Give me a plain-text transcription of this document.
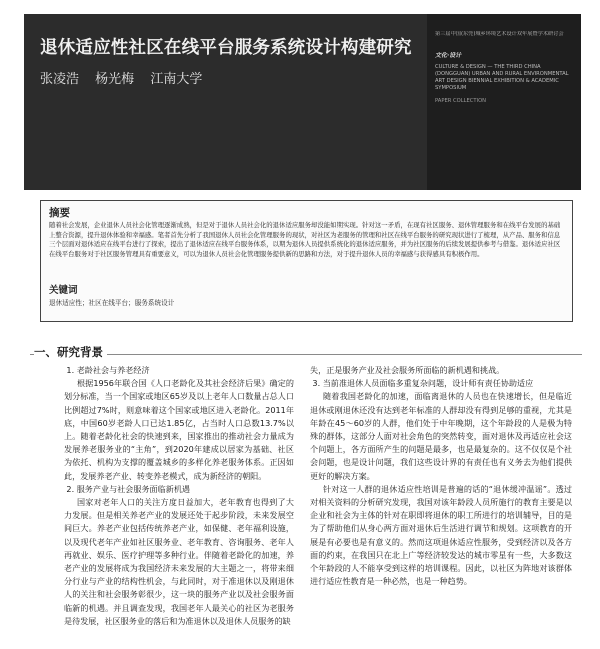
退休适应性社区在线平台服务系统设计构建研究
张凌浩 杨光梅 江南大学
第三届中国(东莞)城乡环境艺术设计双年展暨学术研讨会
文化·设计
CULTURE & DESIGN — THE THIRD CHINA (DONGGUAN) URBAN AND RURAL ENVIRONMENTAL ART DESIGN BIENNIAL EXHIBITION & ACADEMIC SYMPOSIUM
PAPER COLLECTION
摘要
随着社会发展，企业退休人员社会化管理逐渐成熟，但是对于退休人员社会化的退休适应服务却没能如期实现。针对这一矛盾，在现有社区服务、退休管理服务和在线平台发展的基础上整合资源，提升退休体验和幸福感。笔者首先分析了我国退休人员社会化管理服务的现状，对社区为老服务的管理和社区在线平台服务的研究现状进行了梳理，从产品、服务和信息三个层面对退休适应在线平台进行了探索，提出了退休适应在线平台服务体系，以期为退休人员提供系统化的退休适应服务，并为社区服务的后续发展提供参考与借鉴。退休适应社区在线平台服务对于社区服务管理具有重要意义，可以为退休人员社会化管理服务提供新的思路和方法，对于提升退休人员的幸福感与获得感具有积极作用。
关键词
退休适应性；社区在线平台；服务系统设计
一、研究背景

1. 老龄社会与养老经济

根据1956年联合国《人口老龄化及其社会经济后果》确定的划分标准，当一个国家或地区65岁及以上老年人口数量占总人口比例超过7%时，则意味着这个国家或地区进入老龄化。2011年底，中国60岁老龄人口已达1.85亿，占当时人口总数13.7%以上。随着老龄化社会的快速到来，国家推出的推动社会力量成为发展养老服务业的“主角”，到2020年建成以居家为基础、社区为依托、机构为支撑的覆盖城乡的多样化养老服务体系。正因如此，发展养老产业、转变养老模式，成为新经济的朝阳。

2. 服务产业与社会服务面临新机遇

国家对老年人口的关注方度日益加大，老年教育也得到了大力发展。但是相关养老产业的发展还处于起步阶段，未来发展空间巨大。养老产业包括传统养老产业，如保健、老年福利设施，以及现代老年产业如社区服务业、老年教育、咨询服务、老年人再就业、娱乐、医疗护理等多种行业。伴随着老龄化的加速，养老产业的发展将成为我国经济未来发展的大主题之一，将带来细分行业与产业的结构性机会，与此同时，对于准退休以及刚退休人的关注和社会服务彰很少，这一块的服务产业以及社会服务面临新的机遇。并且调查发现，我国老年人最关心的社区为老服务是待发展，社区服务业的落后和为准退休以及退休人员服务的缺

失，正是服务产业及社会服务所面临的新机遇和挑战。

3. 当前准退休人员面临多重复杂问题，设计师有责任协助适应

随着我国老龄化的加速，面临离退休的人员也在快速增长，但是临近退休或刚退休还没有达到老年标准的人群却没有得到足够的重视，尤其是年龄在45～60岁的人群，他们处于中年晚期，这个年龄段的人是极为特殊的群体，这部分人面对社会角色的突然转变，面对退休及再适应社会这个问题上，各方面所产生的问题是最多，也是最复杂的。这不仅仅是个社会问题，也是设计问题，我们这些设计界的有责任也有义务去为他们提供更好的解决方案。

针对这一人群的退休适应性培训是普遍的话的“退休缓冲温谣”。透过对相关资料的分析研究发现，我国对该年龄段人员所施行的教育主要是以企业和社会为主体的针对在职即将退休的职工所进行的培训辅导，目的是为了帮助他们从身心两方面对退休后生活进行调节和规划。这项教育的开展是有必要也是有意义的。然而这项退休适应性服务，受到经济以及各方面的约束，在我国只在北上广等经济较发达的城市零星有一些，大多数这个年龄段的人不能享受到这样的培训课程。因此，以社区为阵地对该群体进行适应性教育是一种必然，也是一种趋势。
